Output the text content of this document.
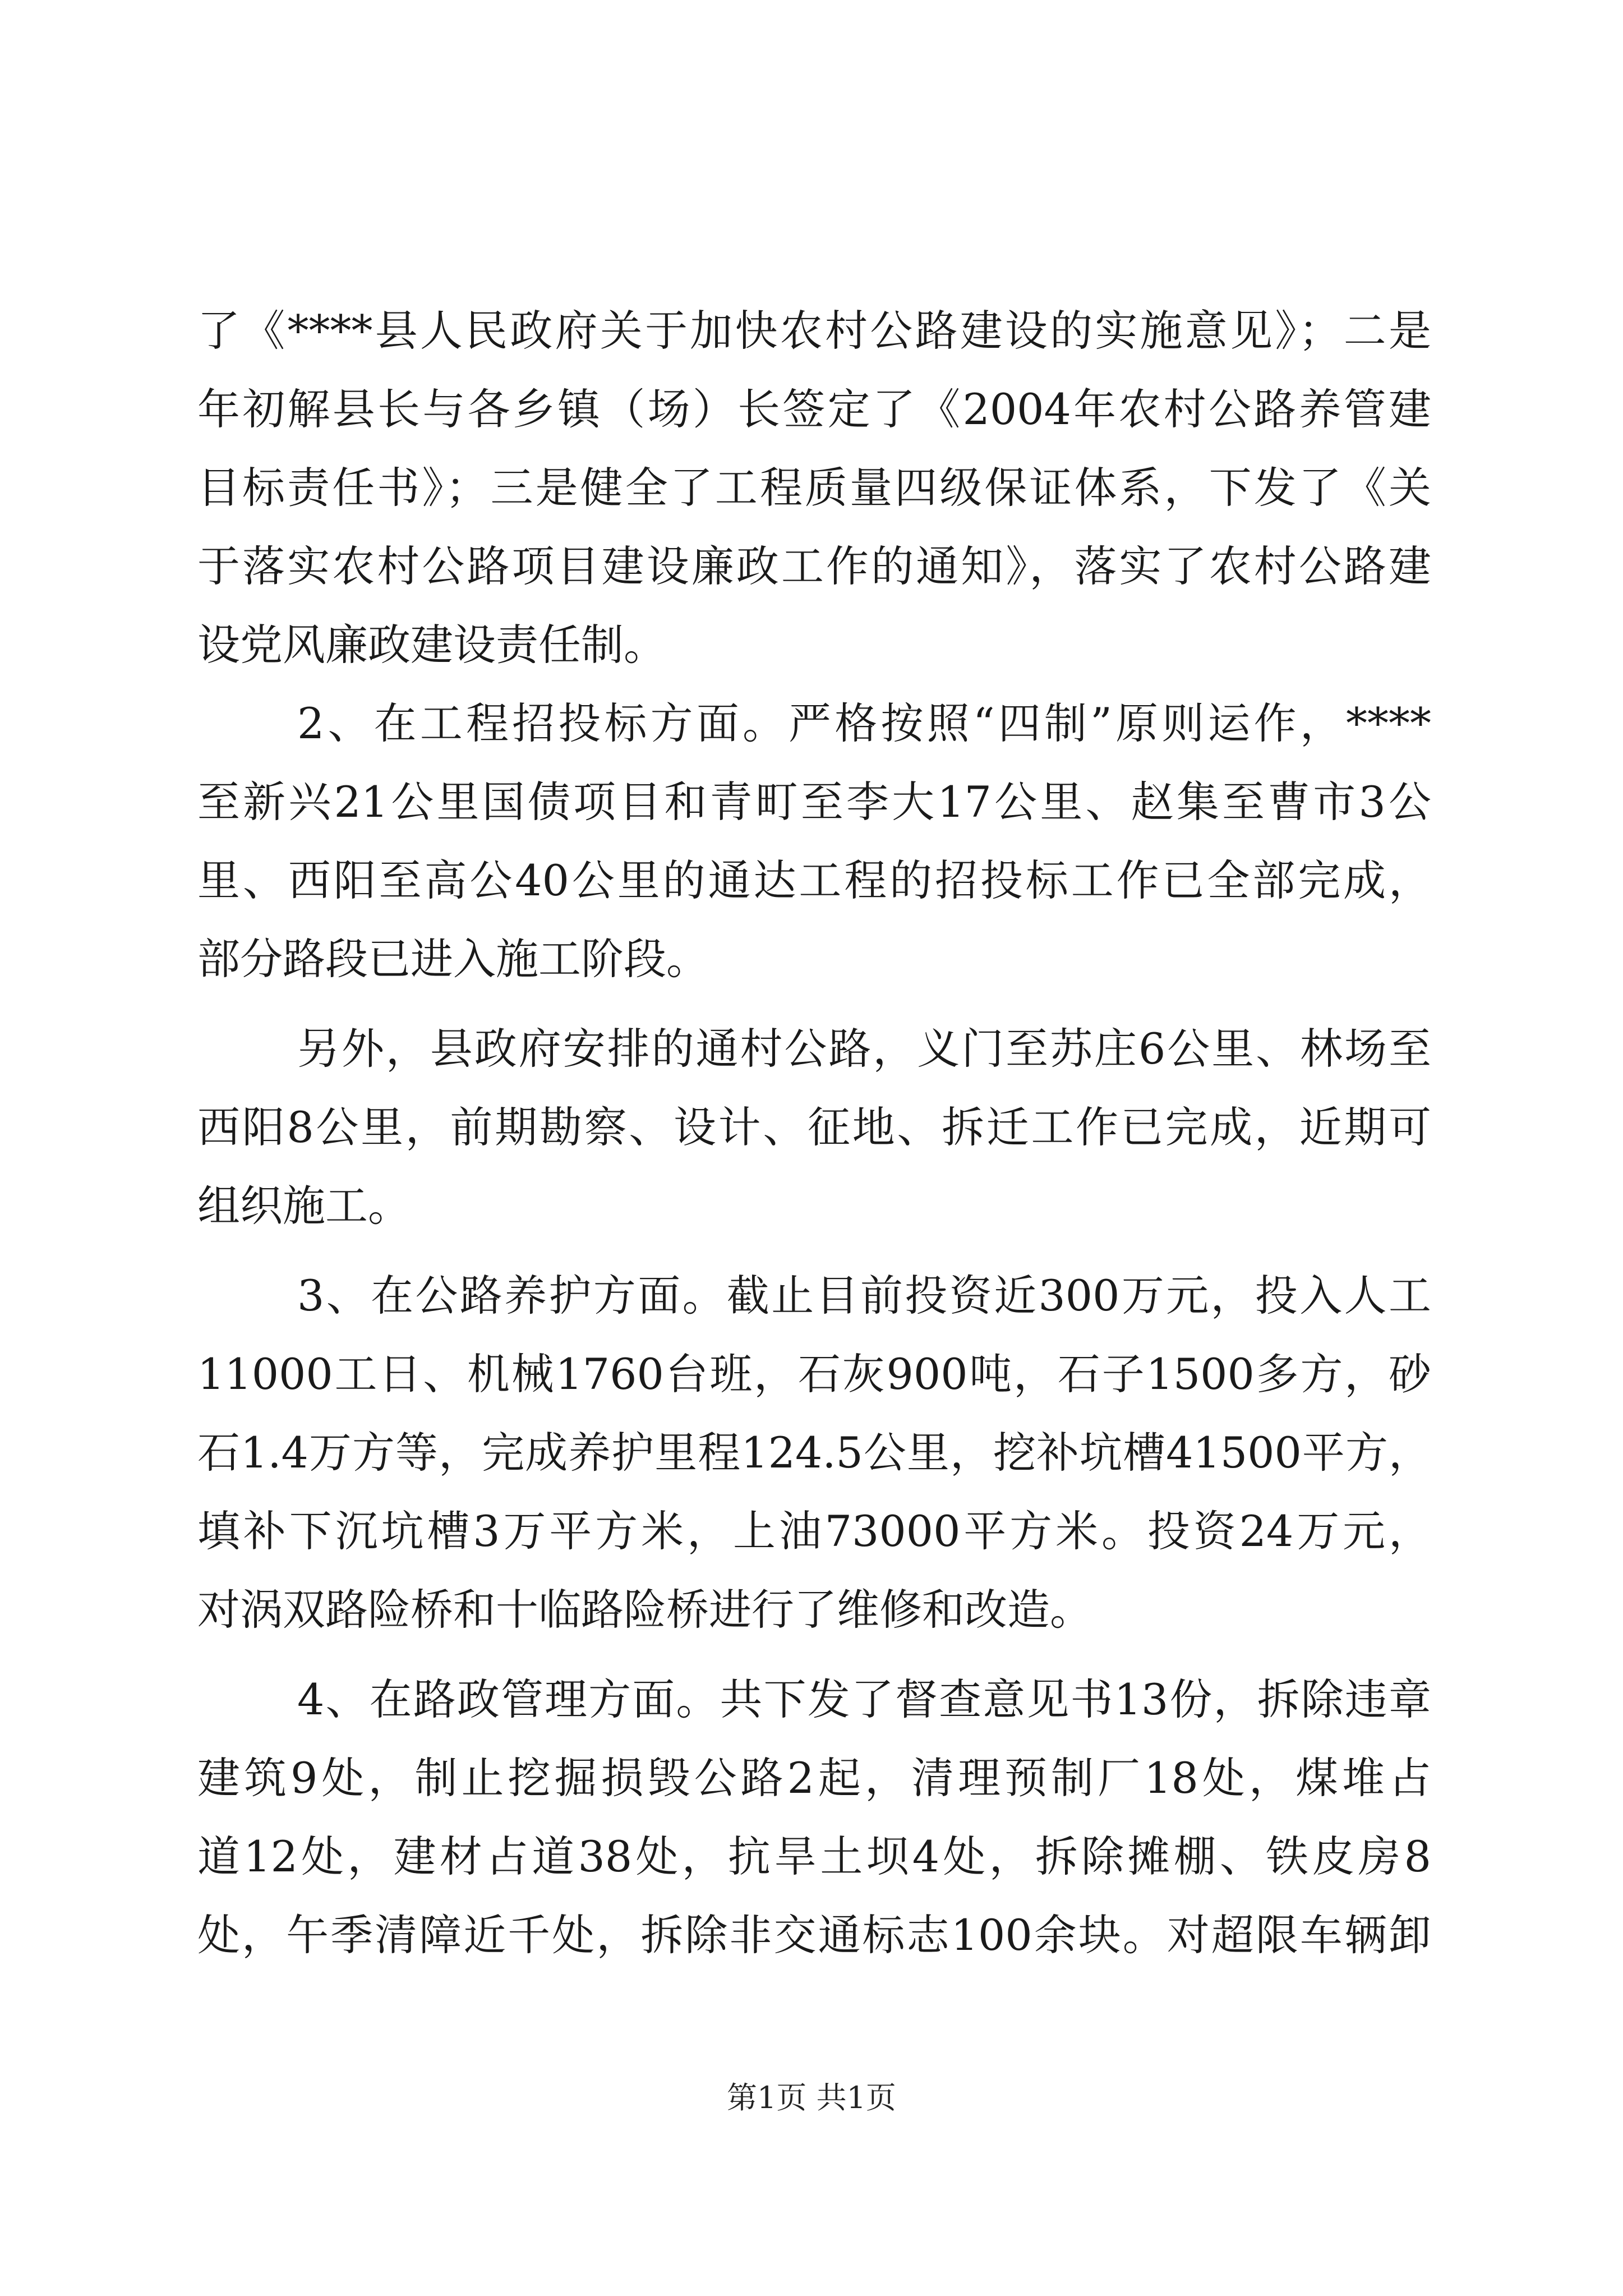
了《****县人民政府关于加快农村公路建设的实施意见》；二是
年初解县长与各乡镇（场）长签定了《2004年农村公路养管建
目标责任书》；三是健全了工程质量四级保证体系，下发了《关
于落实农村公路项目建设廉政工作的通知》，落实了农村公路建
设党风廉政建设责任制。
2、在工程招投标方面。严格按照“四制”原则运作，****
至新兴21公里国债项目和青町至李大17公里、赵集至曹市3公
里、西阳至高公40公里的通达工程的招投标工作已全部完成，
部分路段已进入施工阶段。
另外，县政府安排的通村公路，义门至苏庄6公里、林场至
西阳8公里，前期勘察、设计、征地、拆迁工作已完成，近期可
组织施工。
3、在公路养护方面。截止目前投资近300万元，投入人工
11000工日、机械1760台班，石灰900吨，石子1500多方，砂
石1.4万方等，完成养护里程124.5公里，挖补坑槽41500平方，
填补下沉坑槽3万平方米，上油73000平方米。投资24万元，
对涡双路险桥和十临路险桥进行了维修和改造。
4、在路政管理方面。共下发了督查意见书13份，拆除违章
建筑9处，制止挖掘损毁公路2起，清理预制厂18处，煤堆占
道12处，建材占道38处，抗旱土坝4处，拆除摊棚、铁皮房8
处，午季清障近千处，拆除非交通标志100余块。对超限车辆卸
第1页 共1页
